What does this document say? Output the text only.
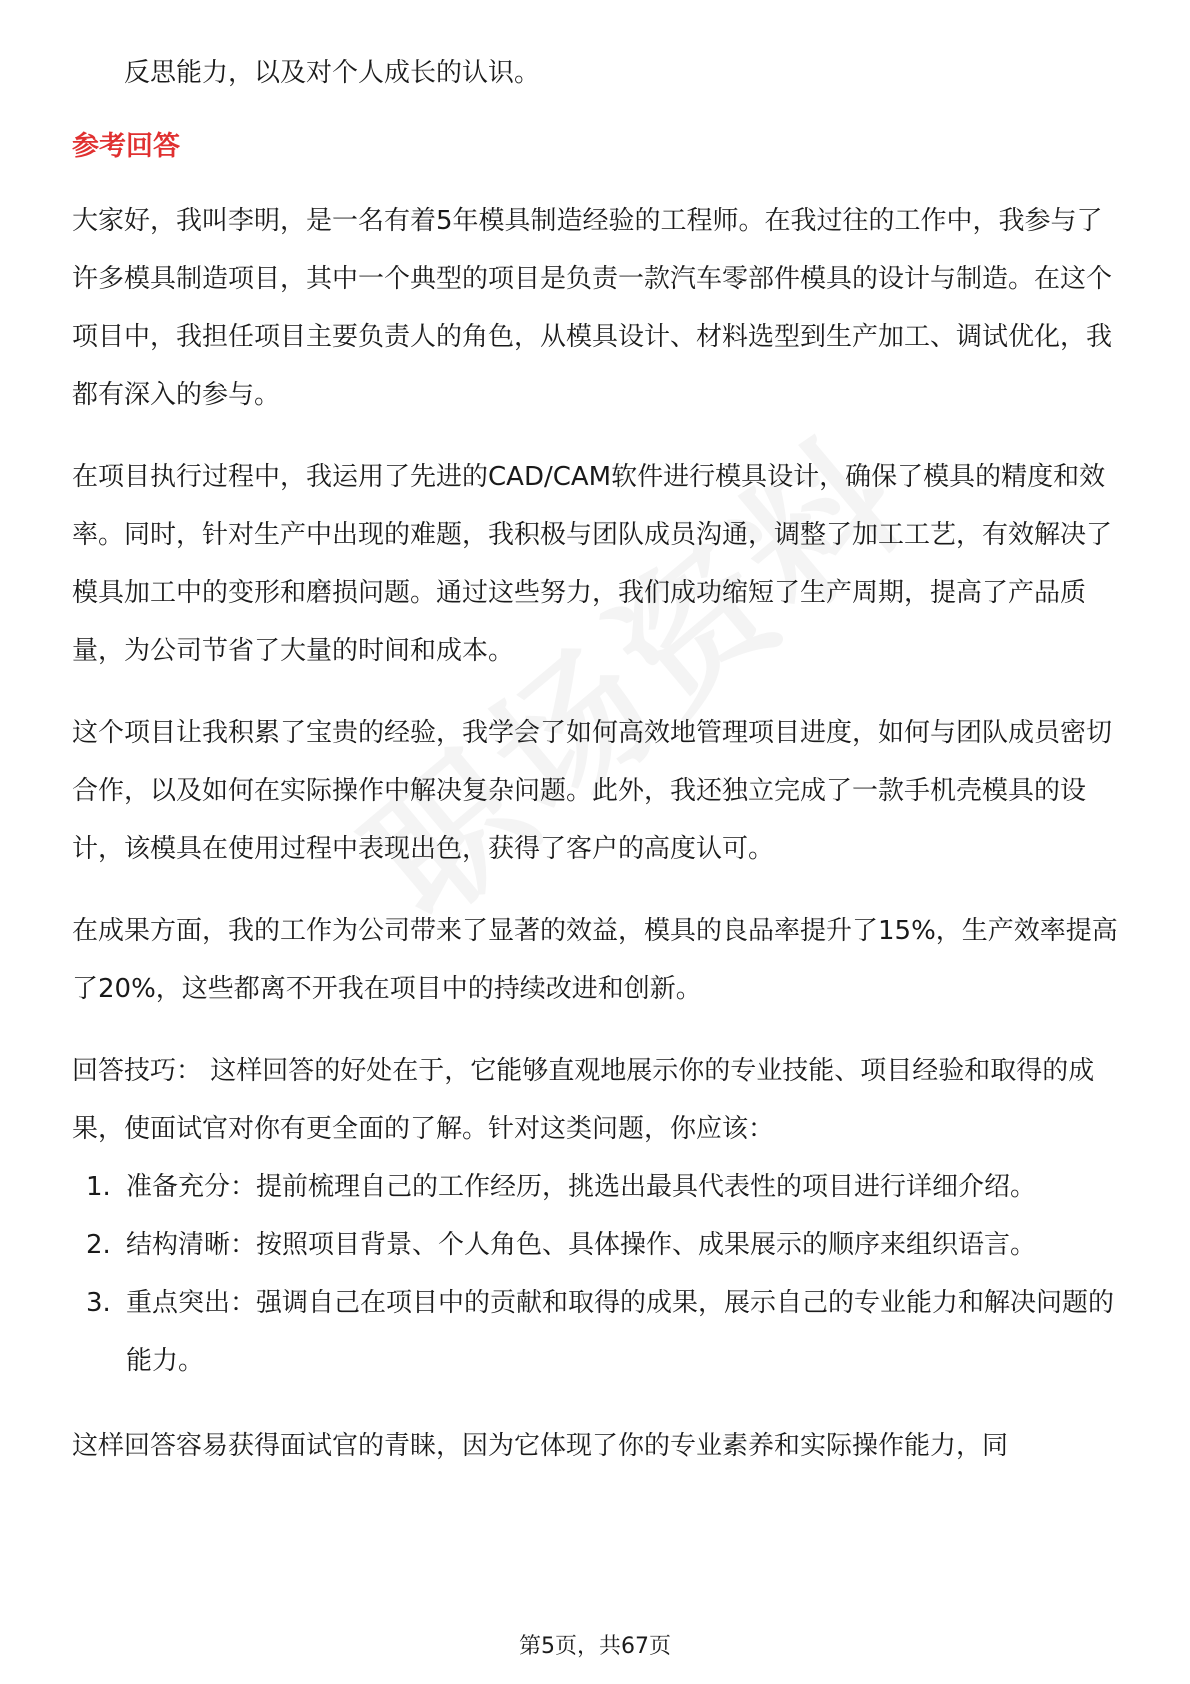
反思能力，以及对个人成长的认识。

参考回答

大家好，我叫李明，是一名有着5年模具制造经验的工程师。在我过往的工作中，我参与了许多模具制造项目，其中一个典型的项目是负责一款汽车零部件模具的设计与制造。在这个项目中，我担任项目主要负责人的角色，从模具设计、材料选型到生产加工、调试优化，我都有深入的参与。

在项目执行过程中，我运用了先进的CAD/CAM软件进行模具设计，确保了模具的精度和效率。同时，针对生产中出现的难题，我积极与团队成员沟通，调整了加工工艺，有效解决了模具加工中的变形和磨损问题。通过这些努力，我们成功缩短了生产周期，提高了产品质量，为公司节省了大量的时间和成本。

这个项目让我积累了宝贵的经验，我学会了如何高效地管理项目进度，如何与团队成员密切合作，以及如何在实际操作中解决复杂问题。此外，我还独立完成了一款手机壳模具的设计，该模具在使用过程中表现出色，获得了客户的高度认可。

在成果方面，我的工作为公司带来了显著的效益，模具的良品率提升了15%，生产效率提高了20%，这些都离不开我在项目中的持续改进和创新。

回答技巧： 这样回答的好处在于，它能够直观地展示你的专业技能、项目经验和取得的成果，使面试官对你有更全面的了解。针对这类问题，你应该：

1. 准备充分：提前梳理自己的工作经历，挑选出最具代表性的项目进行详细介绍。
2. 结构清晰：按照项目背景、个人角色、具体操作、成果展示的顺序来组织语言。
3. 重点突出：强调自己在项目中的贡献和取得的成果，展示自己的专业能力和解决问题的能力。

这样回答容易获得面试官的青睐，因为它体现了你的专业素养和实际操作能力，同

第5页，共67页
